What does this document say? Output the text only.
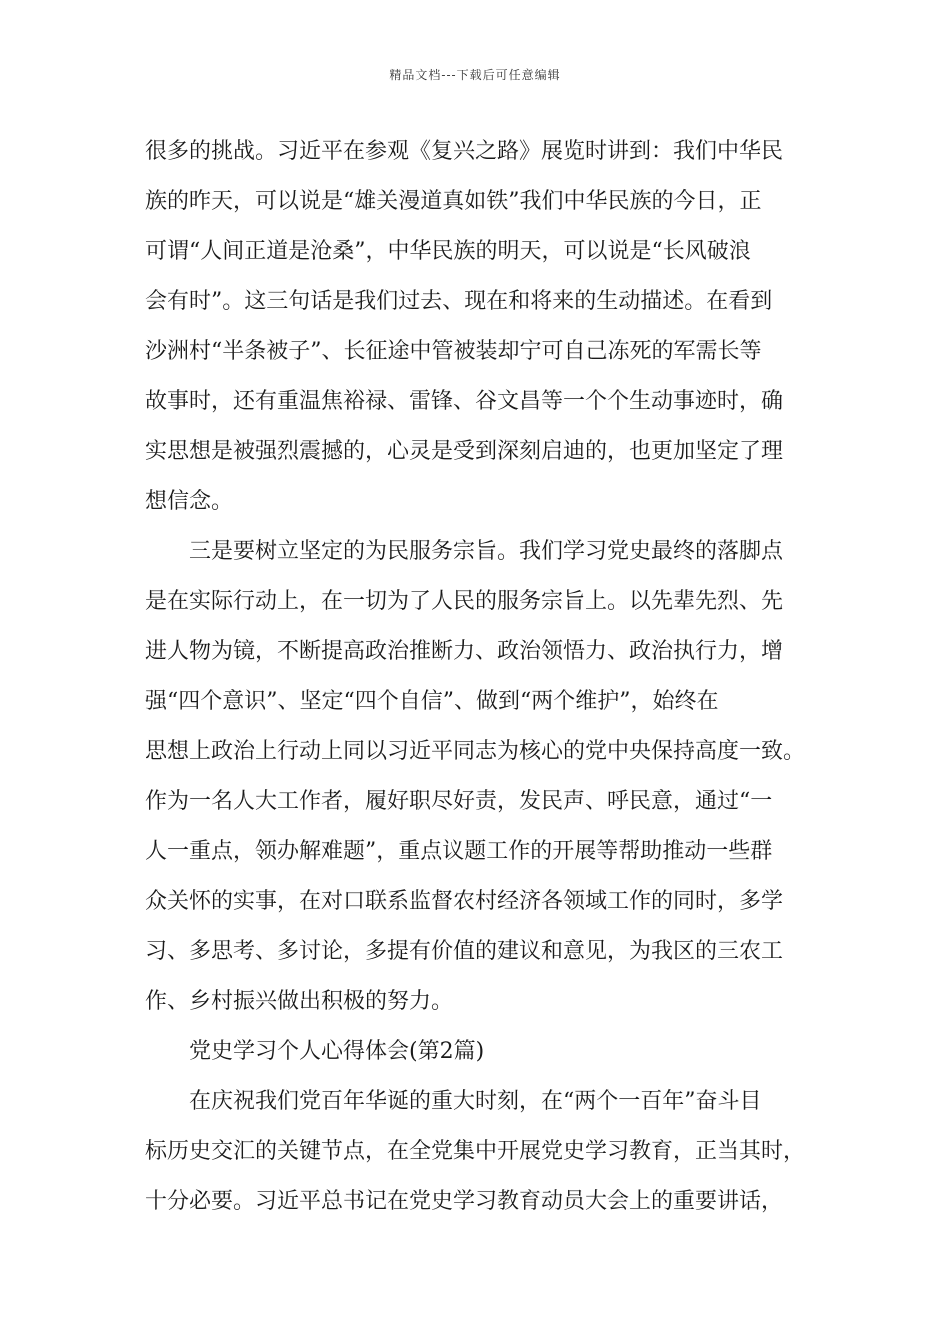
精品文档---下载后可任意编辑
很多的挑战。习近平在参观《复兴之路》展览时讲到：我们中华民
族的昨天，可以说是“雄关漫道真如铁”我们中华民族的今日，正
可谓“人间正道是沧桑”，中华民族的明天，可以说是“长风破浪
会有时”。这三句话是我们过去、现在和将来的生动描述。在看到
沙洲村“半条被子”、长征途中管被装却宁可自己冻死的军需长等
故事时，还有重温焦裕禄、雷锋、谷文昌等一个个生动事迹时，确
实思想是被强烈震撼的，心灵是受到深刻启迪的，也更加坚定了理
想信念。
三是要树立坚定的为民服务宗旨。我们学习党史最终的落脚点
是在实际行动上，在一切为了人民的服务宗旨上。以先辈先烈、先
进人物为镜，不断提高政治推断力、政治领悟力、政治执行力，增
强“四个意识”、坚定“四个自信”、做到“两个维护”，始终在
思想上政治上行动上同以习近平同志为核心的党中央保持高度一致。
作为一名人大工作者，履好职尽好责，发民声、呼民意，通过“一
人一重点，领办解难题”，重点议题工作的开展等帮助推动一些群
众关怀的实事，在对口联系监督农村经济各领域工作的同时，多学
习、多思考、多讨论，多提有价值的建议和意见，为我区的三农工
作、乡村振兴做出积极的努力。
党史学习个人心得体会(第2篇)
在庆祝我们党百年华诞的重大时刻，在“两个一百年”奋斗目
标历史交汇的关键节点，在全党集中开展党史学习教育，正当其时，
十分必要。习近平总书记在党史学习教育动员大会上的重要讲话，
